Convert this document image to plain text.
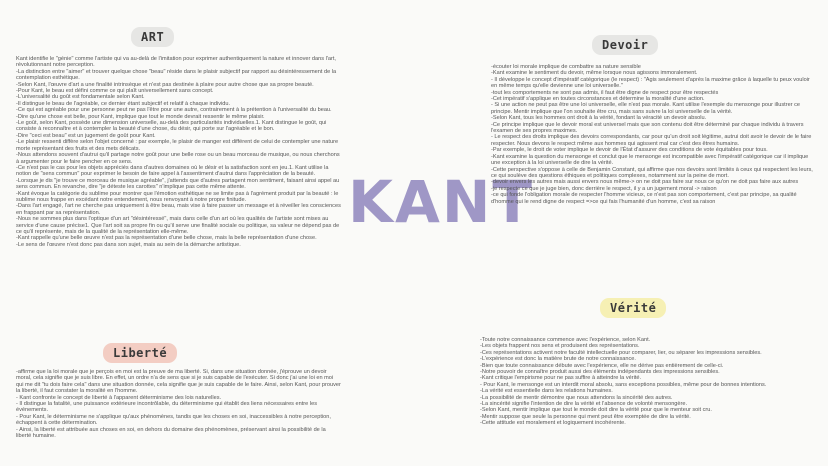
ART
Kant identifie le "génie" comme l'artiste qui va au-delà de l'imitation pour exprimer authentiquement la nature et innover dans l'art, révolutionnant notre perception.
-La distinction entre "aimer" et trouver quelque chose "beau" réside dans le plaisir subjectif par rapport au désintéressement de la contemplation esthétique.
-Selon Kant, l'œuvre d'art a une finalité intrinsèque et n'est pas destinée à plaire pour autre chose que sa propre beauté.
-Pour Kant, le beau est défini comme ce qui plaît universellement sans concept.
-L'universalité du goût est fondamentale selon Kant.
-Il distingue le beau de l'agréable, ce dernier étant subjectif et relatif à chaque individu.
-Ce qui est agréable pour une personne peut ne pas l'être pour une autre, contrairement à la prétention à l'universalité du beau.
-Dire qu'une chose est belle, pour Kant, implique que tout le monde devrait ressentir le même plaisir.
-Le goût, selon Kant, possède une dimension universelle, au-delà des particularités individuelles.1. Kant distingue le goût, qui consiste à reconnaître et à contempler la beauté d'une chose, du désir, qui porte sur l'agréable et le bon.
-Dire "ceci est beau" est un jugement de goût pour Kant.
-Le plaisir ressenti diffère selon l'objet concerné : par exemple, le plaisir de manger est différent de celui de contempler une nature morte représentant des fruits et des mets délicats.
-Nous attendons souvent d'autrui qu'il partage notre goût pour une belle rose ou un beau morceau de musique, ou nous cherchons à argumenter pour le faire pencher en ce sens.
-Ce n'est pas le cas pour les objets appréciés dans d'autres domaines où le désir et la satisfaction sont en jeu.1. Kant utilise la notion de "sens commun" pour exprimer le besoin de faire appel à l'assentiment d'autrui dans l'appréciation de la beauté.
-Lorsque je dis "je trouve ce morceau de musique agréable", j'attends que d'autres partagent mon sentiment, faisant ainsi appel au sens commun. En revanche, dire "je déteste les carottes" n'implique pas cette même attente.
-Kant évoque la catégorie du sublime pour montrer que l'émotion esthétique ne se limite pas à l'agrément produit par la beauté : le sublime nous frappe en excédant notre entendement, nous renvoyant à notre propre finitude.
-Dans l'art engagé, l'art ne cherche pas uniquement à être beau, mais vise à faire passer un message et à réveiller les consciences en frappant par sa représentation.
-Nous ne sommes plus dans l'optique d'un art "désintéressé", mais dans celle d'un art où les qualités de l'artiste sont mises au service d'une cause précise1. Que l'art soit sa propre fin ou qu'il serve une finalité sociale ou politique, sa valeur ne dépend pas de ce qu'il représente, mais de la qualité de la représentation elle-même.
-Kant rappelle qu'une belle œuvre n'est pas la représentation d'une belle chose, mais la belle représentation d'une chose.
-Le sens de l'œuvre n'est donc pas dans son sujet, mais au sein de la démarche artistique.
KANT
Devoir
-écouter loi morale implique de combattre sa nature sensible
-Kant examine le sentiment du devoir, même lorsque nous agissons immoralement.
- Il développe le concept d'impératif catégorique (le respect) : "Agis seulement d'après la maxime grâce à laquelle tu peux vouloir en même temps qu'elle devienne une loi universelle."
-tout les comportements ne sont pas admis, il faut être digne de respect pour être respectés
-Cet impératif s'applique en toutes circonstances et détermine la moralité d'une action.
- Si une action ne peut pas être une loi universelle, elle n'est pas morale. Kant utilise l'exemple du mensonge pour illustrer ce principe. Mentir implique que l'on souhaite être cru, mais sans suivre la loi universelle de la vérité.
-Selon Kant, tous les hommes ont droit à la vérité, fondant la véracité un devoir absolu.
-Ce principe implique que le devoir moral est universel mais que son contenu doit être déterminé par chaque individu à travers l'examen de ses propres maximes.
- Le respect des droits implique des devoirs correspondants, car pour qu'un droit soit légitime, autrui doit avoir le devoir de le faire respecter. Nous devons le respect même aux hommes qui agissent mal car c'est des êtres humains.
-Par exemple, le droit de voter implique le devoir de l'État d'assurer des conditions de vote équitables pour tous.
-Kant examine la question du mensonge et conclut que le mensonge est incompatible avec l'impératif catégorique car il implique une exception à la loi universelle de dire la vérité.
-Cette perspective s'oppose à celle de Benjamin Constant, qui affirme que nos devoirs sont limités à ceux qui respectent les leurs, ce qui soulève des questions éthiques et politiques complexes, notamment sur la peine de mort.
-devoir envers les autres mais aussi envers nous même-> on ne doit pas faire sur nous ce qu'on ne doit pas faire aux autres
-je respecte ce que je juge bien, donc derrière le respect, il y a un jugement moral -> raison
-ce qui fonde l'obligation morale de respecter l'homme vicieux, ce n'est pas son comportement, c'est par principe, sa qualité d'homme qui le rend digne de respect =>ce qui fais l'humanité d'un homme, c'est sa raison
Liberté
-affirme que la loi morale que je perçois en moi est la preuve de ma liberté. Si, dans une situation donnée, j'éprouve un devoir moral, cela signifie que je suis libre. En effet, un ordre n'a de sens que si je suis capable de l'exécuter. Si donc j'ai une loi en moi qui me dit "tu dois faire cela" dans une situation donnée, cela signifie que je suis capable de le faire. Ainsi, selon Kant, pour prouver la liberté, il faut constater la moralité en l'homme.
- Kant confronte le concept de liberté à l'apparent déterminisme des lois naturelles.
- Il distingue la fatalité, une puissance extérieure incontrôlable, du déterminisme qui établit des liens nécessaires entre les événements.
- Pour Kant, le déterminisme ne s'applique qu'aux phénomènes, tandis que les choses en soi, inaccessibles à notre perception, échappent à cette détermination.
- Ainsi, la liberté est attribuée aux choses en soi, en dehors du domaine des phénomènes, préservant ainsi la possibilité de la liberté humaine.
Vérité
-Toute notre connaissance commence avec l'expérience, selon Kant.
-Les objets frappent nos sens et produisent des représentations.
-Ces représentations activent notre faculté intellectuelle pour comparer, lier, ou séparer les impressions sensibles.
-L'expérience est donc la matière brute de notre connaissance.
-Bien que toute connaissance débute avec l'expérience, elle ne dérive pas entièrement de celle-ci.
-Notre pouvoir de connaître produit aussi des éléments indépendants des impressions sensibles.
-Kant critique l'empirisme pour ne pas suffire à atteindre la vérité.
- Pour Kant, le mensonge est un interdit moral absolu, sans exceptions possibles, même pour de bonnes intentions.
-La vérité est essentielle dans les relations humaines.
-La possibilité de mentir démontre que nous attendons la sincérité des autres.
-La sincérité signifie l'intention de dire la vérité et l'absence de volonté mensongère.
-Selon Kant, mentir implique que tout le monde doit dire la vérité pour que le menteur soit cru.
-Mentir suppose que seule la personne qui ment peut être exemptée de dire la vérité.
-Cette attitude est moralement et logiquement incohérente.
